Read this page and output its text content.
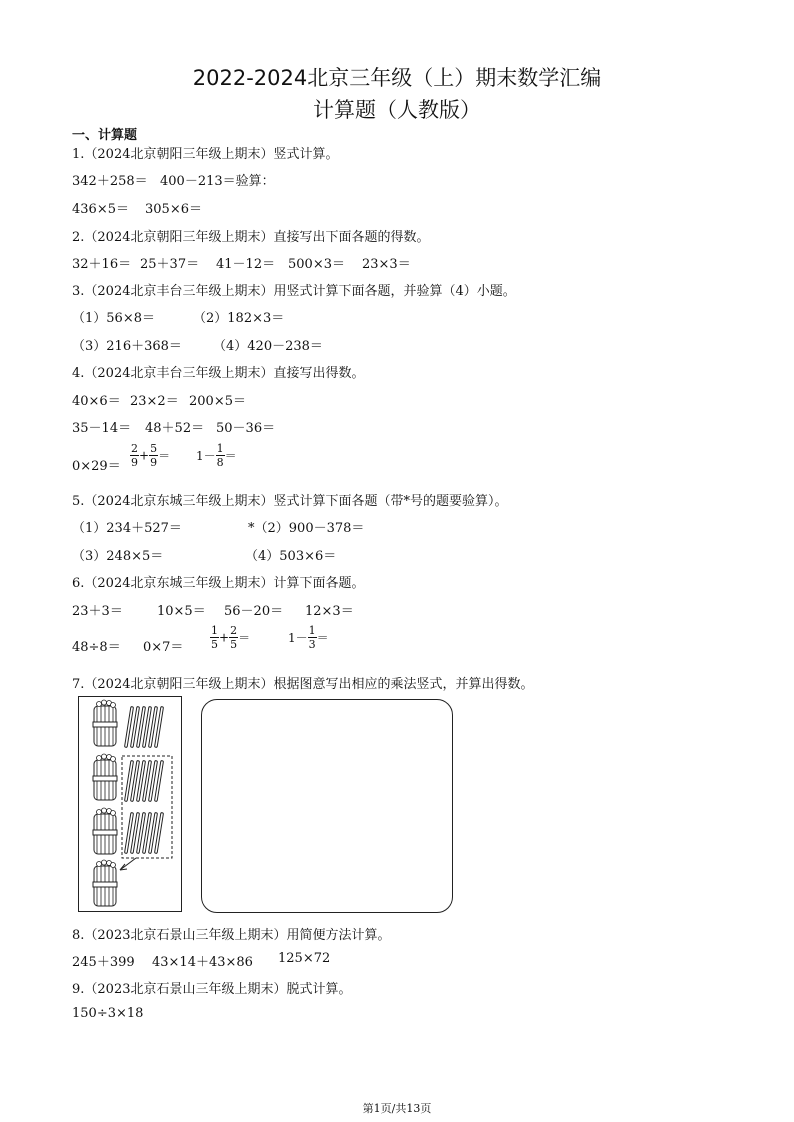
2022-2024北京三年级（上）期末数学汇编
计算题（人教版）
一、计算题
1.（2024北京朝阳三年级上期末）竖式计算。
342＋258＝ 400－213＝验算：
436×5＝ 305×6＝
2.（2024北京朝阳三年级上期末）直接写出下面各题的得数。
32＋16＝ 25＋37＝ 41－12＝ 500×3＝ 23×3＝
3.（2024北京丰台三年级上期末）用竖式计算下面各题，并验算（4）小题。
（1）56×8＝	（2）182×3＝
（3）216＋368＝ （4）420－238＝
4.（2024北京丰台三年级上期末）直接写出得数。
40×6＝ 23×2＝ 200×5＝
35－14＝ 48＋52＝ 50－36＝
$0\times 29= \frac{2}{9} + \frac{5}{9} = 1- \frac{1}{8}$ ＝
5.（2024北京东城三年级上期末）竖式计算下面各题（带*号的题要验算）。
（1）234＋527＝	*（2）900－378＝
（3）248×5＝	（4）503×6＝
6.（2024北京东城三年级上期末）计算下面各题。
23＋3＝	10×5＝ 56－20＝ 12×3＝
$48\div 8= 0\times 7= \frac{1}{5} + \frac{2}{5}$ ＝	$1- \frac{1}{3}$ ＝
7.（2024北京朝阳三年级上期末）根据图意写出相应的乘法竖式，并算出得数。
8.（2023北京石景山三年级上期末）用简便方法计算。
245＋399 43×14＋43×86 125×72
9.（2023北京石景山三年级上期末）脱式计算。
150÷3×18
第1页/共13页
